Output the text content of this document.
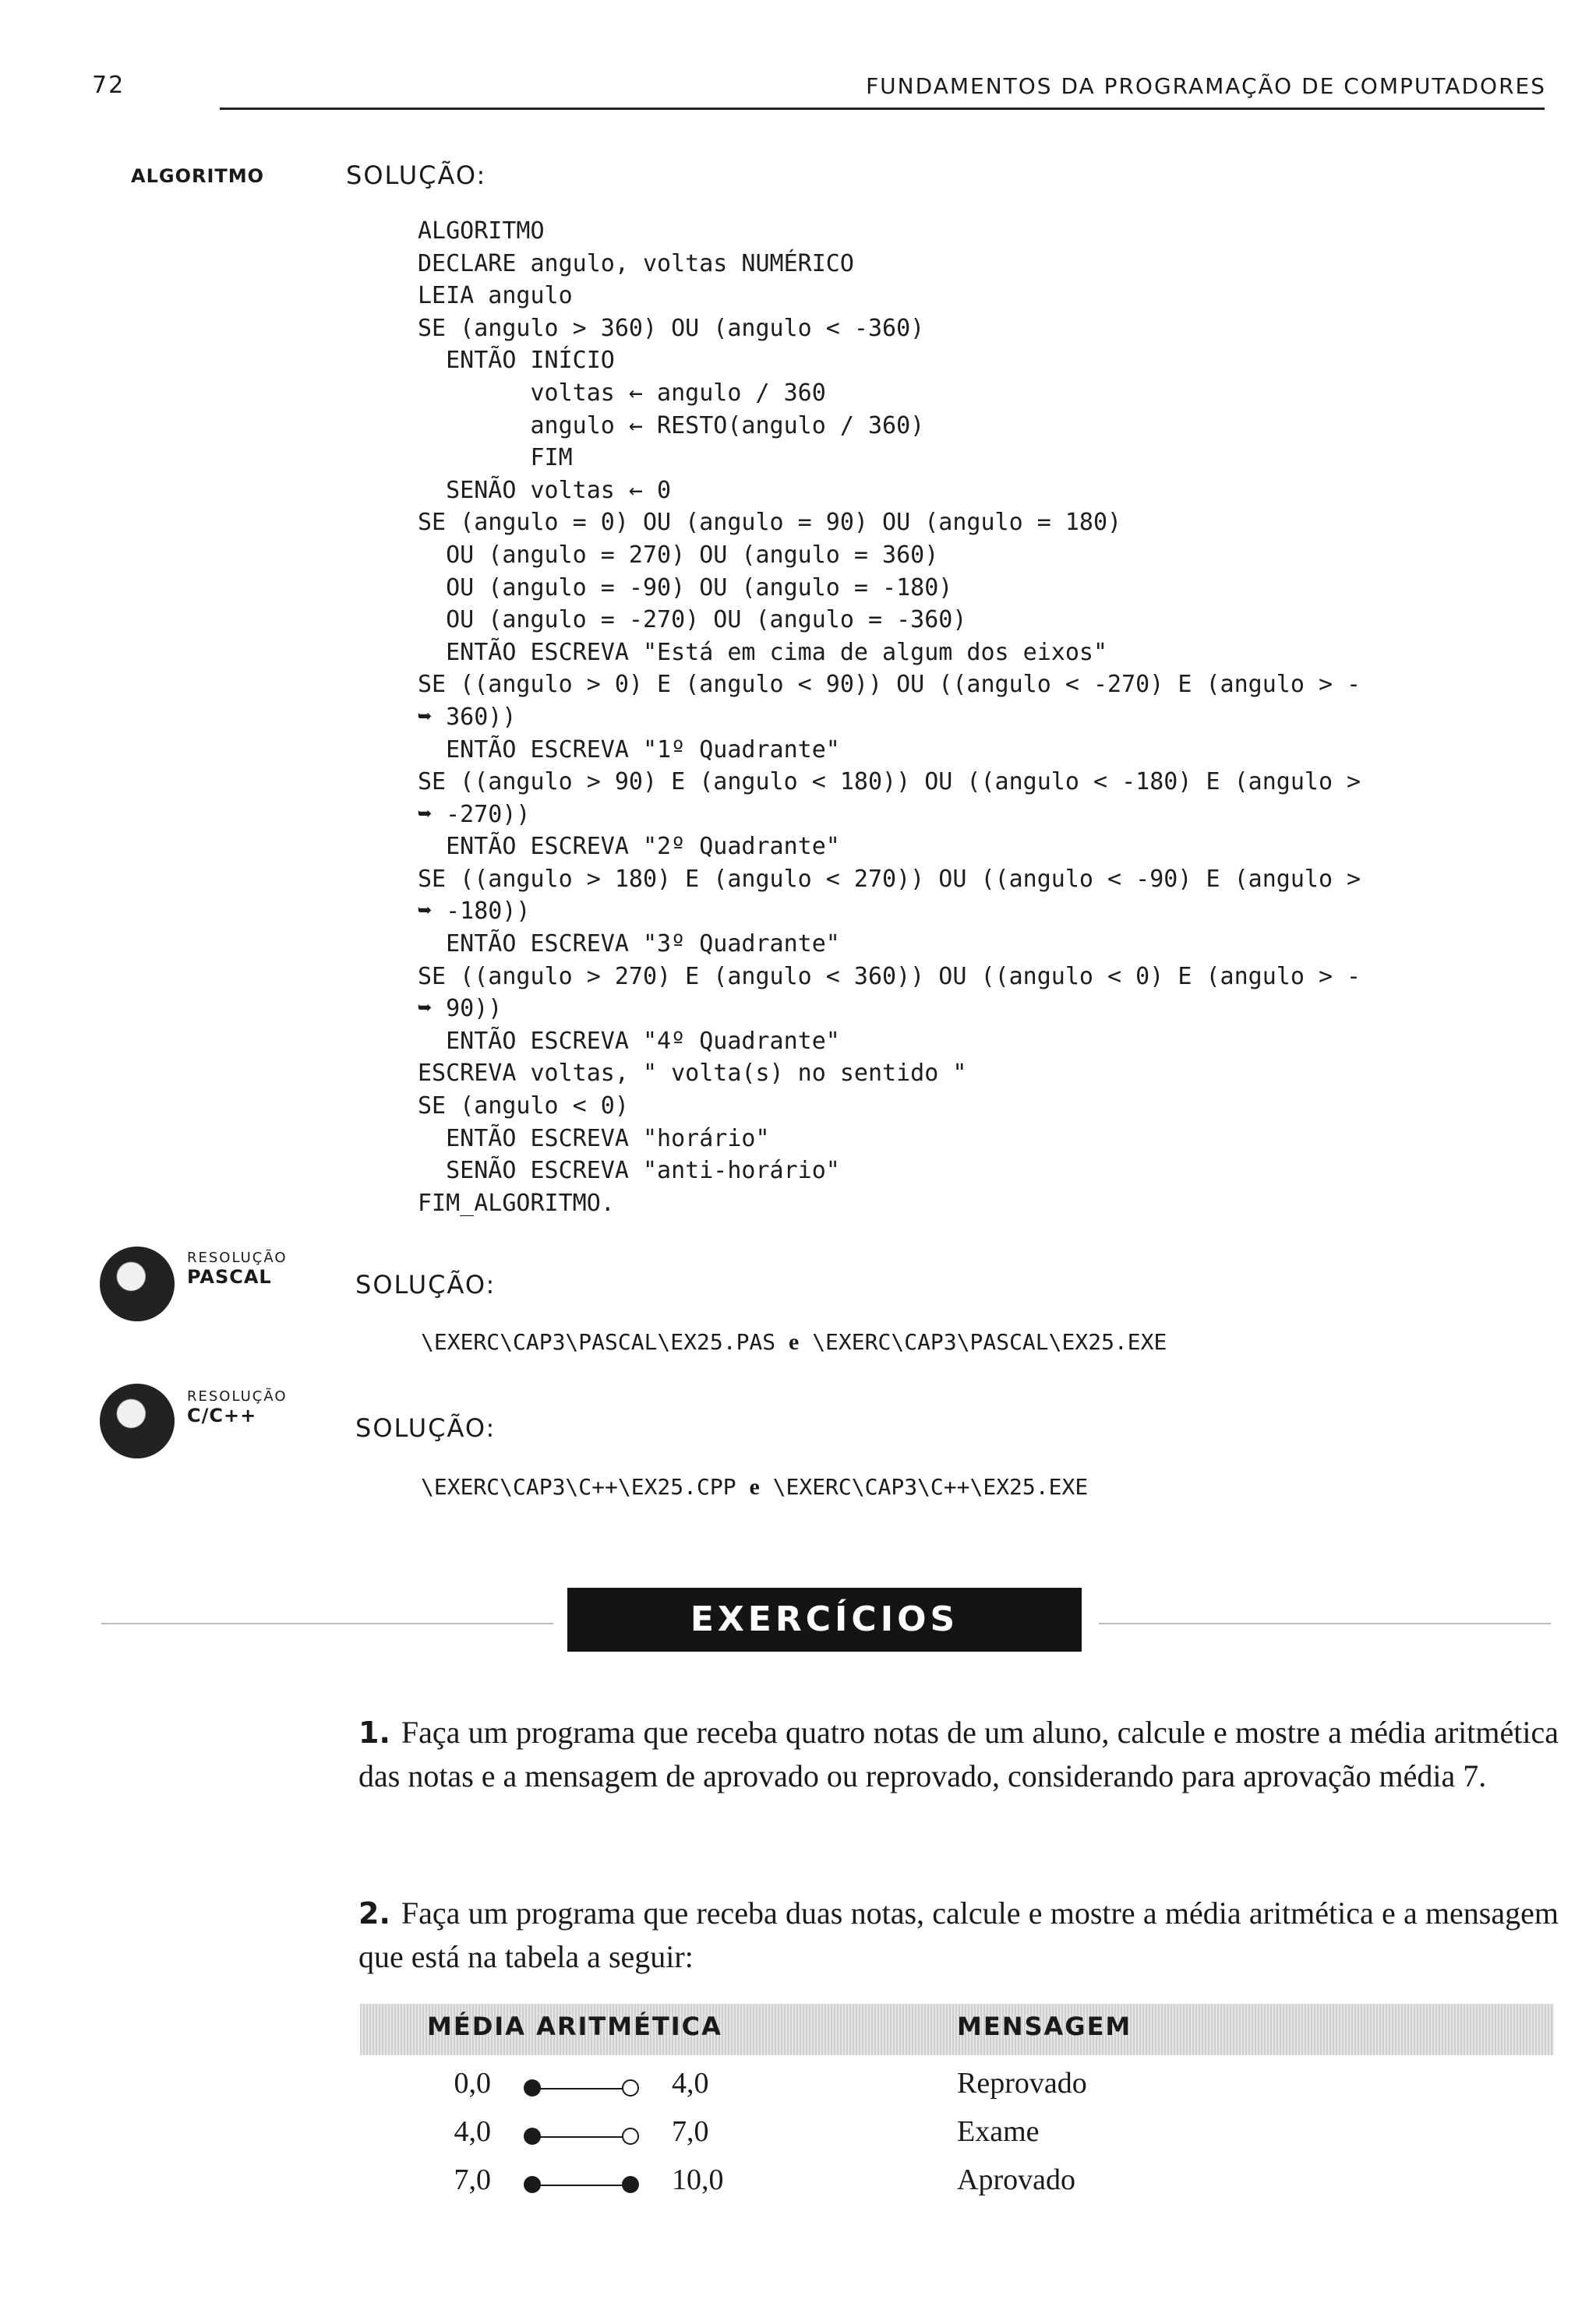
72	FUNDAMENTOS DA PROGRAMAÇÃO DE COMPUTADORES
ALGORITMO	SOLUÇÃO:
ALGORITMO
DECLARE angulo, voltas NUMÉRICO
LEIA angulo
SE (angulo > 360) OU (angulo < -360)
ENTÃO INÍCIO
voltas ← angulo / 360
angulo ← RESTO(angulo / 360)
FIM
SENÃO voltas ← 0
SE (angulo = 0) OU (angulo = 90) OU (angulo = 180)
OU (angulo = 270) OU (angulo = 360)
OU (angulo = -90) OU (angulo = -180)
OU (angulo = -270) OU (angulo = -360)
ENTÃO ESCREVA "Está em cima de algum dos eixos"
SE ((angulo > 0) E (angulo < 90)) OU ((angulo < -270) E (angulo > -
➥ 360))
ENTÃO ESCREVA "1º Quadrante"
SE ((angulo > 90) E (angulo < 180)) OU ((angulo < -180) E (angulo >
➥ -270))
ENTÃO ESCREVA "2º Quadrante"
SE ((angulo > 180) E (angulo < 270)) OU ((angulo < -90) E (angulo >
➥ -180))
ENTÃO ESCREVA "3º Quadrante"
SE ((angulo > 270) E (angulo < 360)) OU ((angulo < 0) E (angulo > -
➥ 90))
ENTÃO ESCREVA "4º Quadrante"
ESCREVA voltas, " volta(s) no sentido "
SE (angulo < 0)
ENTÃO ESCREVA "horário"
SENÃO ESCREVA "anti-horário"
FIM_ALGORITMO.
RESOLUÇÃO
PASCAL	SOLUÇÃO:
\EXERC\CAP3\PASCAL\EX25.PAS e \EXERC\CAP3\PASCAL\EX25.EXE
RESOLUÇÃO
C/C++	SOLUÇÃO:
\EXERC\CAP3\C++\EX25.CPP e \EXERC\CAP3\C++\EX25.EXE
EXERCÍCIOS PROPOSTOS
1. Faça um programa que receba quatro notas de um aluno, calcule e mostre a média aritmética das notas e a mensagem de aprovado ou reprovado, considerando para aprovação média 7.
2. Faça um programa que receba duas notas, calcule e mostre a média aritmética e a mensagem que está na tabela a seguir:
MÉDIA ARITMÉTICA	MENSAGEM
0,0	4,0	Reprovado
4,0	7,0	Exame
7,0	10,0	Aprovado
